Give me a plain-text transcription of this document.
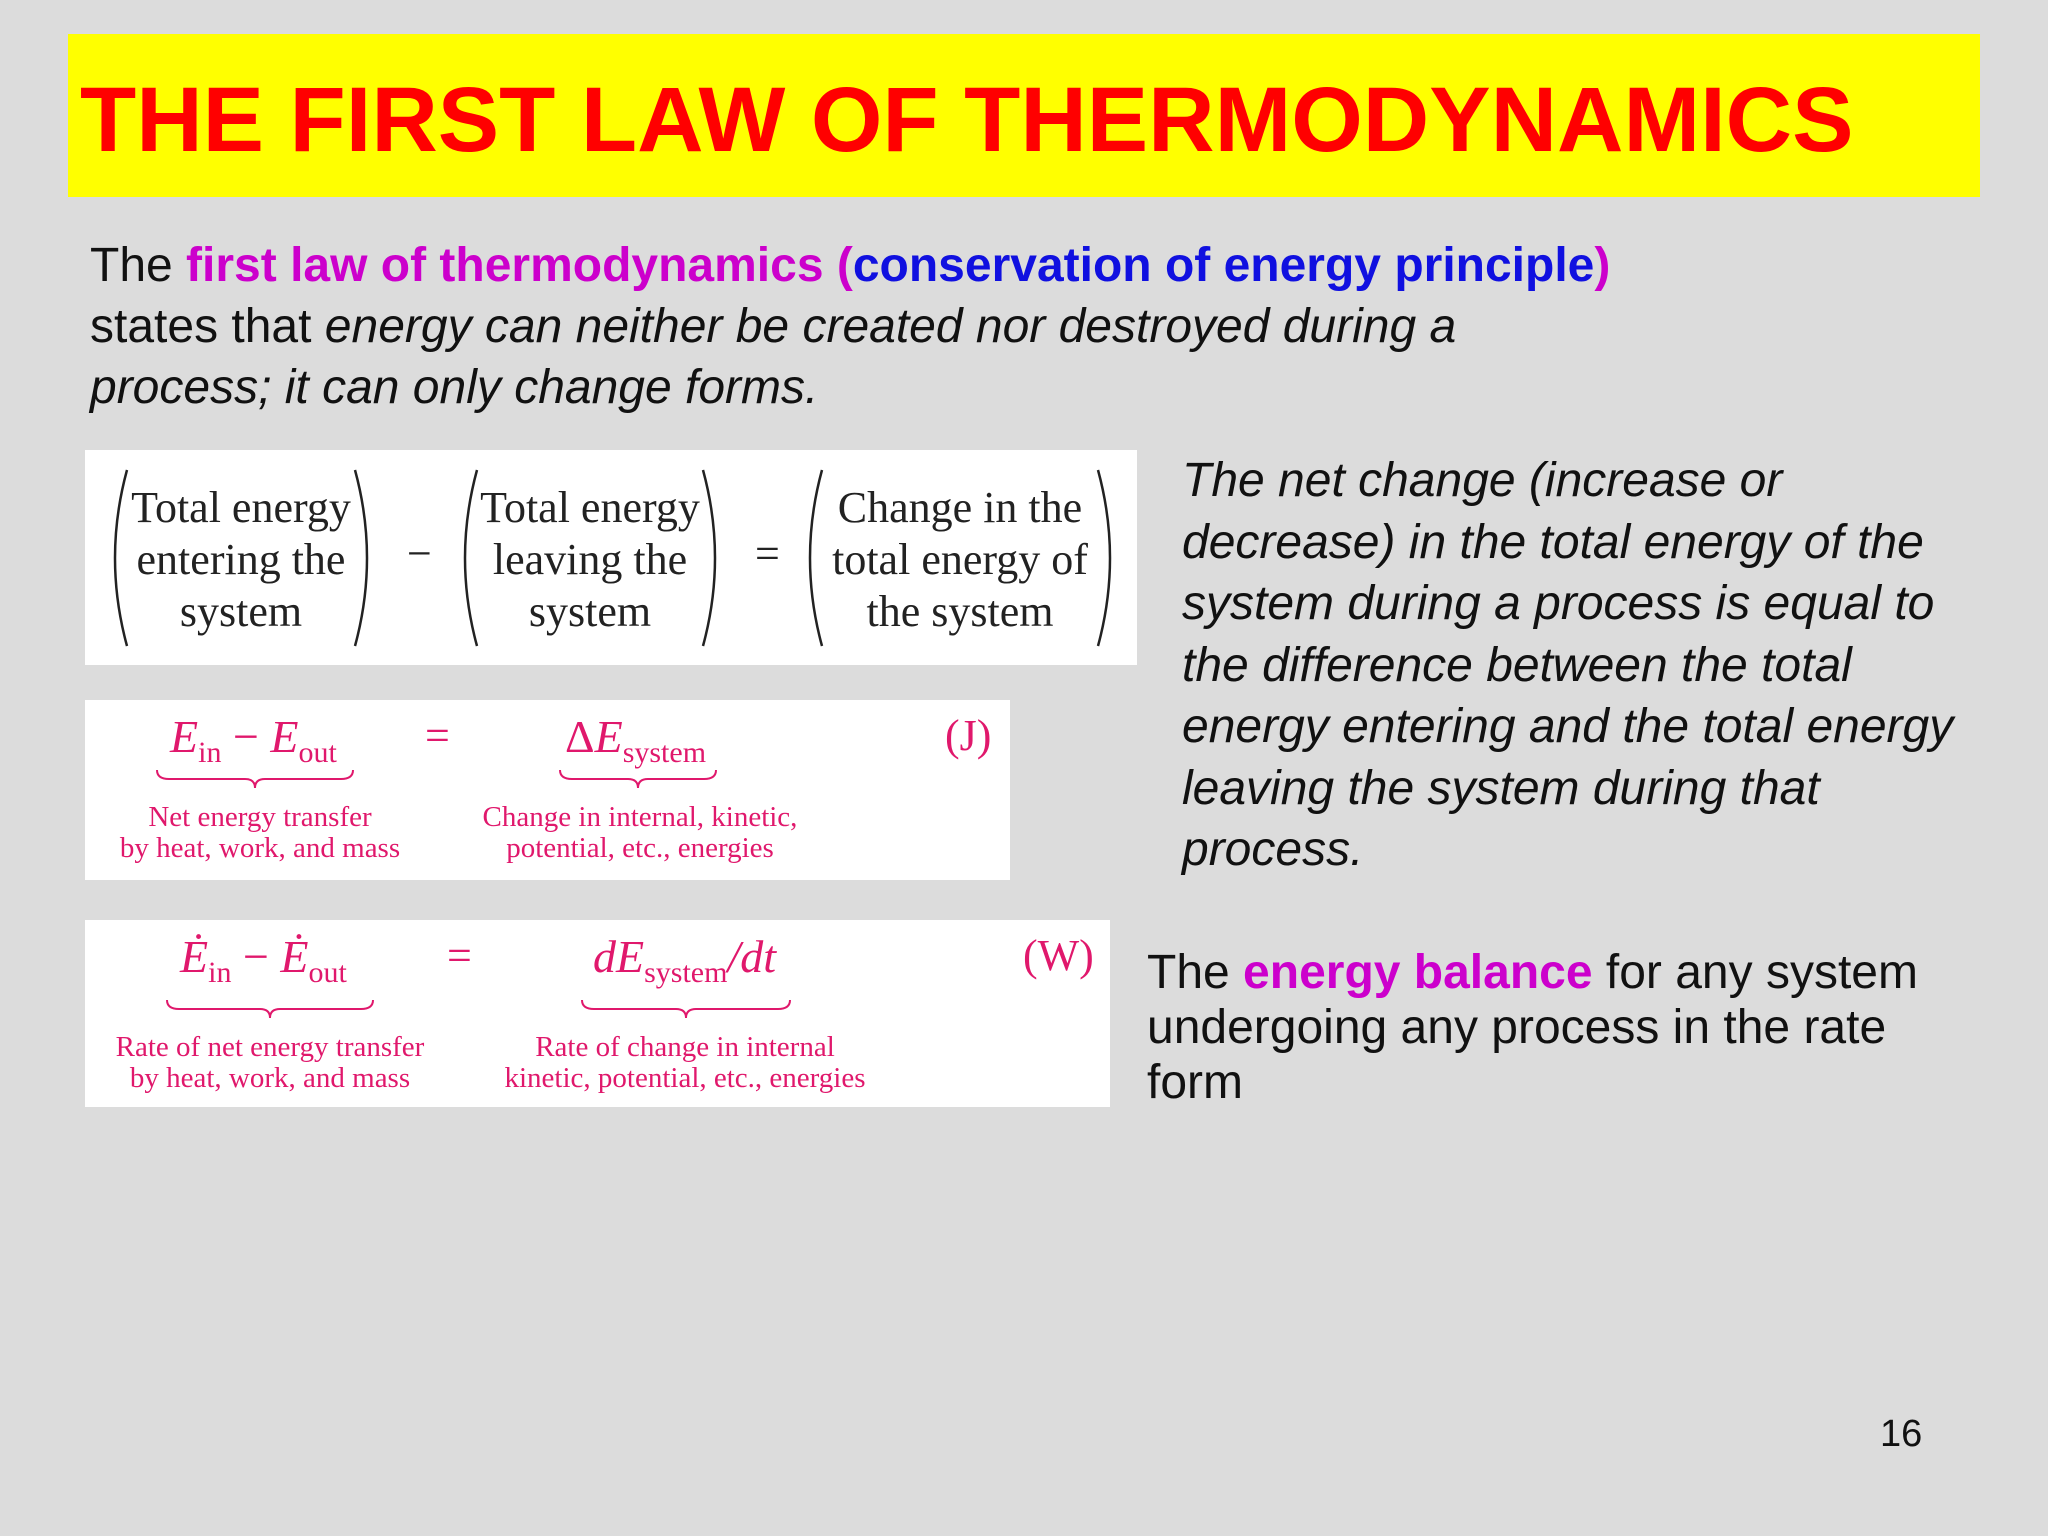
THE FIRST LAW OF THERMODYNAMICS
The first law of thermodynamics (conservation of energy principle) states that energy can neither be created nor destroyed during a process; it can only change forms.
Total energy
entering the
system
−
Total energy
leaving the
system
=
Change in the
total energy of
the system
$E_{in} - E_{out}$ =	$\Delta E_{system}$	(J)
Net energy transfer
by heat, work, and mass
Change in internal, kinetic,
potential, etc., energies
$Ė_{in}$ − $Ė_{out}$ =	$dE_{system}/dt$	(W)
Rate of net energy transfer
by heat, work, and mass
Rate of change in internal
kinetic, potential, etc., energies
The net change (increase or decrease) in the total energy of the system during a process is equal to the difference between the total energy entering and the total energy leaving the system during that process.
The energy balance for any system undergoing any process in the rate form
16
